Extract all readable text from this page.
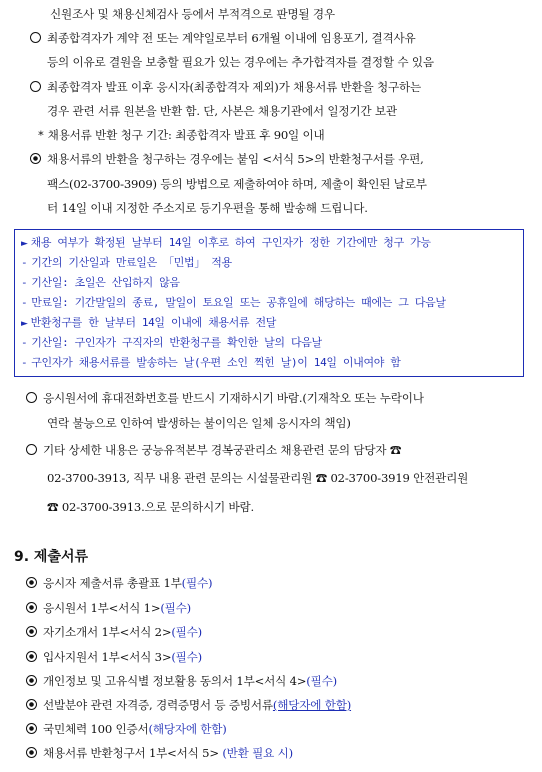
신원조사 및 채용신체검사 등에서 부적격으로 판명될 경우
최종합격자가 계약 전 또는 계약일로부터 6개월 이내에 임용포기, 결격사유
등의 이유로 결원을 보충할 필요가 있는 경우에는 추가합격자를 결정할 수 있음
최종합격자 발표 이후 응시자(최종합격자 제외)가 채용서류 반환을 청구하는
경우 관련 서류 원본을 반환 함. 단, 사본은 채용기관에서 일정기간 보관
* 채용서류 반환 청구 기간: 최종합격자 발표 후 90일 이내
채용서류의 반환을 청구하는 경우에는 붙임 <서식 5>의 반환청구서를 우편,
팩스(02-3700-3909) 등의 방법으로 제출하여야 하며, 제출이 확인된 날로부
터 14일 이내 지정한 주소지로 등기우편을 통해 발송해 드립니다.
► 채용 여부가 확정된 날부터 14일 이후로 하여 구인자가 정한 기간에만 청구 가능
- 기간의 기산일과 만료일은 「민법」 적용
- 기산일: 초일은 산입하지 않음
- 만료일: 기간말일의 종료, 말일이 토요일 또는 공휴일에 해당하는 때에는 그 다음날
► 반환청구를 한 날부터 14일 이내에 채용서류 전달
- 기산일: 구인자가 구직자의 반환청구를 확인한 날의 다음날
- 구인자가 채용서류를 발송하는 날(우편 소인 찍힌 날)이 14일 이내여야 함
응시원서에 휴대전화번호를 반드시 기재하시기 바람.(기재착오 또는 누락이나
연락 불능으로 인하여 발생하는 불이익은 일체 응시자의 책임)
기타 상세한 내용은 궁능유적본부 경복궁관리소 채용관련 문의 담당자 ☎
02-3700-3913, 직무 내용 관련 문의는 시설물관리원 ☎ 02-3700-3919 안전관리원
☎ 02-3700-3913.으로 문의하시기 바람.
9. 제출서류
응시자 제출서류 총괄표 1부(필수)
응시원서 1부<서식 1>(필수)
자기소개서 1부<서식 2>(필수)
입사지원서 1부<서식 3>(필수)
개인정보 및 고유식별 정보활용 동의서 1부<서식 4>(필수)
선발분야 관련 자격증, 경력증명서 등 증빙서류(해당자에 한함)
국민체력 100 인증서(해당자에 한함)
채용서류 반환청구서 1부<서식 5> (반환 필요 시)
